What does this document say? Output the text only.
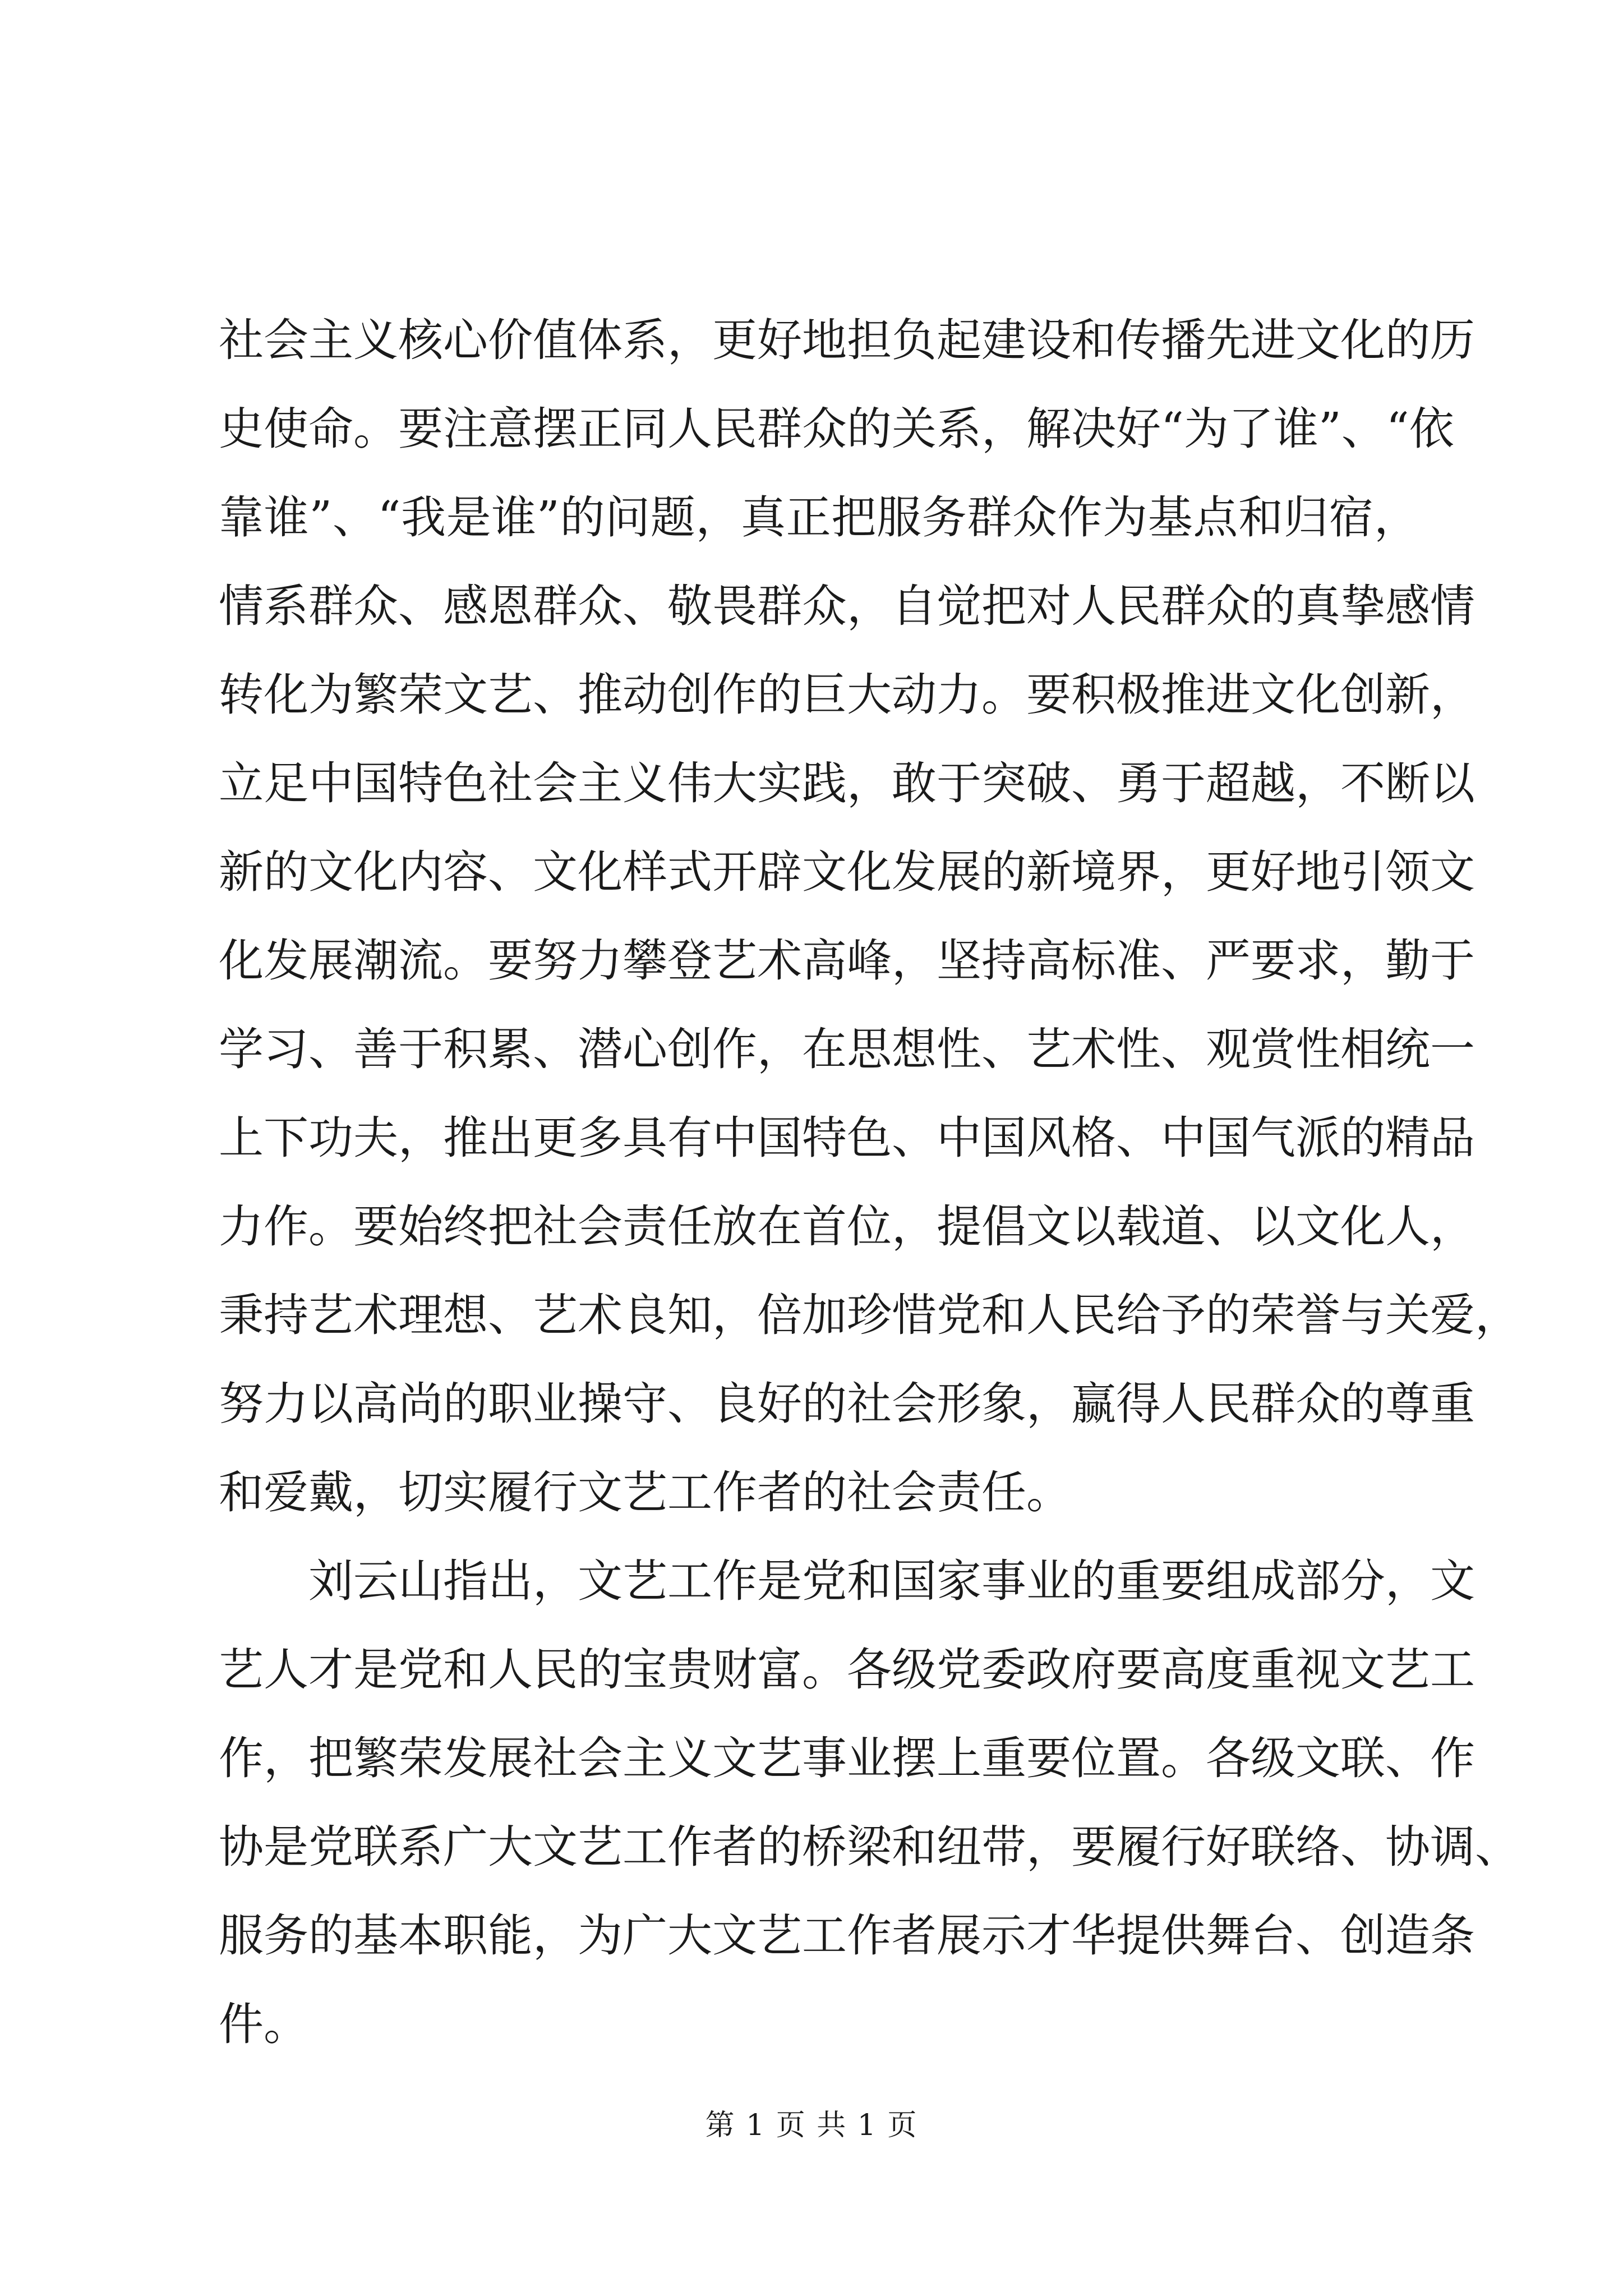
社会主义核心价值体系，更好地担负起建设和传播先进文化的历
史使命。要注意摆正同人民群众的关系，解决好“为了谁”、“依
靠谁”、“我是谁”的问题，真正把服务群众作为基点和归宿，
情系群众、感恩群众、敬畏群众，自觉把对人民群众的真挚感情
转化为繁荣文艺、推动创作的巨大动力。要积极推进文化创新，
立足中国特色社会主义伟大实践，敢于突破、勇于超越，不断以
新的文化内容、文化样式开辟文化发展的新境界，更好地引领文
化发展潮流。要努力攀登艺术高峰，坚持高标准、严要求，勤于
学习、善于积累、潜心创作，在思想性、艺术性、观赏性相统一
上下功夫，推出更多具有中国特色、中国风格、中国气派的精品
力作。要始终把社会责任放在首位，提倡文以载道、以文化人，
秉持艺术理想、艺术良知，倍加珍惜党和人民给予的荣誉与关爱，
努力以高尚的职业操守、良好的社会形象，赢得人民群众的尊重
和爱戴，切实履行文艺工作者的社会责任。
　　刘云山指出，文艺工作是党和国家事业的重要组成部分，文
艺人才是党和人民的宝贵财富。各级党委政府要高度重视文艺工
作，把繁荣发展社会主义文艺事业摆上重要位置。各级文联、作
协是党联系广大文艺工作者的桥梁和纽带，要履行好联络、协调、
服务的基本职能，为广大文艺工作者展示才华提供舞台、创造条
件。
第 1 页 共 1 页
